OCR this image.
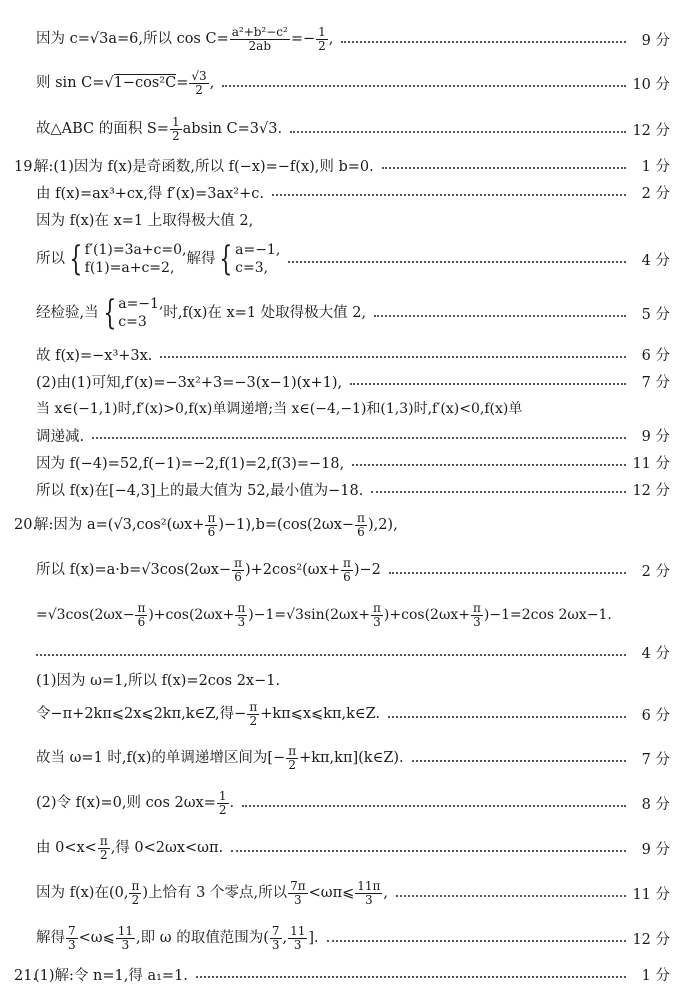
因为 c=√3a=6,所以 $\cos C= \frac{\text{a²+b²−c²}}{2ab} =- \frac{1}{2}$ ,	9 分
则 $\sin C=√1-\cos^2C= \frac{√3}{2}$ ,	10 分
故△ABC 的面积 $S= \frac{1}{2}$ absin C=3√3.	12 分
19.解:(1)因为 f(x)是奇函数,所以 f(−x)=−f(x),则 b=0.	1 分
由 f(x)=ax³+cx,得 f′(x)=3ax²+c.	2 分
因为 f(x)在 x=1 上取得极大值 2,
所以 { f′(1)=3a+c=0,
f(1)=a+c=2,
解得 { a=−1,
c=3,	4 分
经检验,当 { a=−1,
c=3
时,f(x)在 x=1 处取得极大值 2,	5 分
故 f(x)=−x³+3x.	6 分
(2)由(1)可知,f′(x)=−3x²+3=−3(x−1)(x+1),	7 分
当 x∈(−1,1)时,f′(x)>0,f(x)单调递增;当 x∈(−4,−1)和(1,3)时,f′(x)<0,f(x)单
调递减.	9 分
因为 f(−4)=52,f(−1)=−2,f(1)=2,f(3)=−18,	11 分
所以 f(x)在[−4,3]上的最大值为 52,最小值为−18.	12 分
20.解:因为 $a=(√3,\cos^2(\omega x+ \frac{\pi}{6} )-1),b=(\cos(2\omega x- \frac{\pi}{6} ),2)$,
所以 $f(x)=a\cdot b=√3\cos(2\omega x- \frac{\pi}{6} )+2\cos^2(\omega x+ \frac{\pi}{6} )-2$	2 分
$=√3\cos(2\omega x- \frac{\pi}{6} )+\cos(2\omega x+ \frac{\pi}{3} )-1=√3\sin(2\omega x+ \frac{\pi}{3} )+\cos(2\omega x+ \frac{\pi}{3} )-1=2\cos$ 2ωx−1.
4 分
(1)因为 ω=1,所以 f(x)=2cos 2x−1.
令−π+2kπ⩽2x⩽2kπ,k∈Z,得− $\frac{\pi}{2}$ +kπ⩽x⩽kπ,k∈Z.	6 分
故当 ω=1 时,f(x)的单调递增区间为[− $\frac{\pi}{2}$ +kπ,kπ](k∈Z).	7 分
(2)令 f(x)=0,则 $\cos 2\omega x= \frac{1}{2}$ .	8 分
由 $0<x< \frac{\pi}{2}$ ,得 0<2ωx<ωπ.	9 分
因为 f(x)在(0, $\frac{\pi}{2}$ )上恰有 3 个零点,所以 $\frac{7\pi}{3}$ <ωπ⩽ $\frac{11\pi}{3}$ ,	11 分
解得 $\frac{7}{3}$ <ω⩽ $\frac{11}{3}$ ,即 ω 的取值范围为( $\frac{7}{3}$ , $\frac{11}{3}$ ].	12 分
21.(1)解:令 n=1,得 a₁=1.	1 分
